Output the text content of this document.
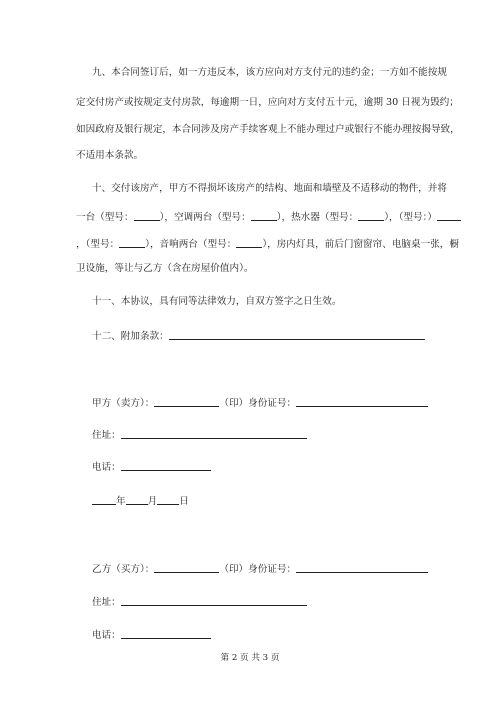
九、本合同签订后，如一方违反本，该方应向对方支付元的违约金；一方如不能按规
定交付房产或按规定支付房款，每逾期一日，应向对方支付五十元，逾期 30 日视为毁约；
如因政府及银行规定，本合同涉及房产手续客观上不能办理过户或银行不能办理按揭导致，
不适用本条款。
十、交付该房产，甲方不得损坏该房产的结构、地面和墙壁及不适移动的物件，并将
一台（型号：	），空调两台（型号：	），热水器（型号：	），（型号：）
，（型号：	），音响两台（型号：	），房内灯具，前后门窗窗帘、电脑桌一张，橱
卫设施，等让与乙方（含在房屋价值内）。
十一、本协议，具有同等法律效力，自双方签字之日生效。
十二、附加条款：
甲方（卖方）：	（印）身份证号：
住址：
电话：
年 月 日
乙方（买方）：	（印）身份证号：
住址：
电话：
第 2 页 共 3 页
